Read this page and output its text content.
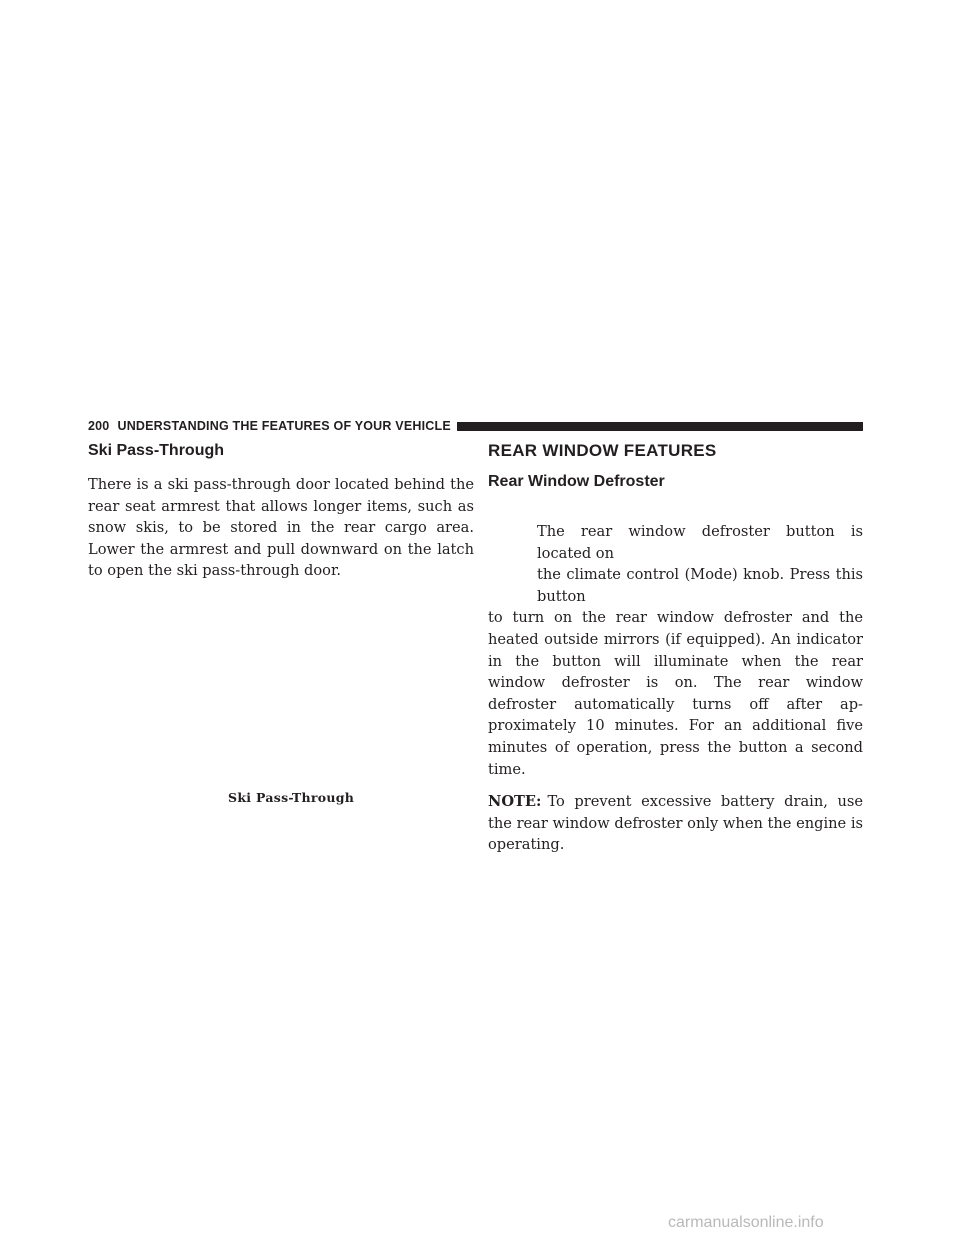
200 UNDERSTANDING THE FEATURES OF YOUR VEHICLE
Ski Pass-Through

There is a ski pass-through door located behind the rear seat armrest that allows longer items, such as snow skis, to be stored in the rear cargo area. Lower the armrest and pull downward on the latch to open the ski pass-through door.

Ski Pass-Through
REAR WINDOW FEATURES
Rear Window Defroster

The rear window defroster button is located on
the climate control (Mode) knob. Press this button
to turn on the rear window defroster and the heated outside mirrors (if equipped). An indicator in the button will illuminate when the rear window defroster is on. The rear window defroster automatically turns off after ap-proximately 10 minutes. For an additional five minutes of operation, press the button a second time.

NOTE: To prevent excessive battery drain, use the rear window defroster only when the engine is operating.

carmanualsonline.info
